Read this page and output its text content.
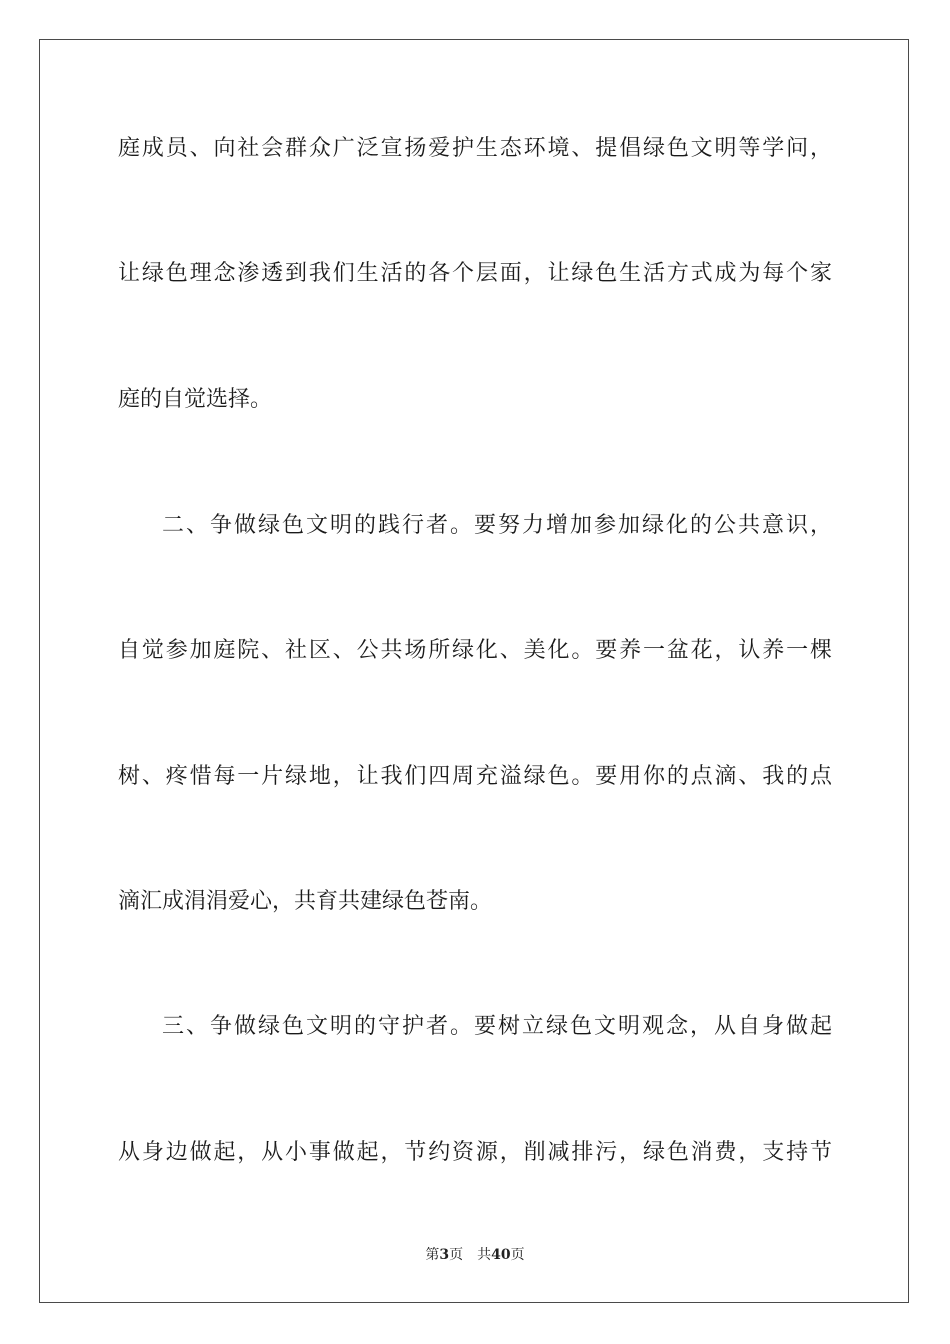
庭成员、向社会群众广泛宣扬爱护生态环境、提倡绿色文明等学问，
让绿色理念渗透到我们生活的各个层面，让绿色生活方式成为每个家
庭的自觉选择。
二、争做绿色文明的践行者。要努力增加参加绿化的公共意识，
自觉参加庭院、社区、公共场所绿化、美化。要养一盆花，认养一棵
树、疼惜每一片绿地，让我们四周充溢绿色。要用你的点滴、我的点
滴汇成涓涓爱心，共育共建绿色苍南。
三、争做绿色文明的守护者。要树立绿色文明观念，从自身做起
从身边做起，从小事做起，节约资源，削减排污，绿色消费，支持节
第3页 共40页
